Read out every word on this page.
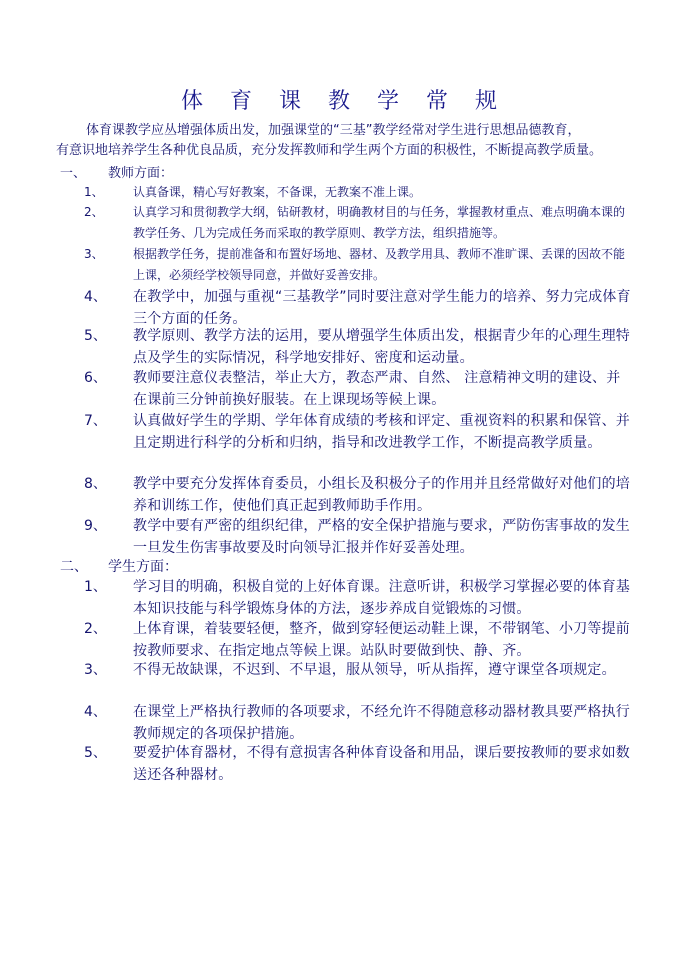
体 育 课 教 学 常 规

体育课教学应丛增强体质出发，加强课堂的“三基”教学经常对学生进行思想品德教育，

有意识地培养学生各种优良品质，充分发挥教师和学生两个方面的积极性，不断提高教学质量。

一、 教师方面：
1、 认真备课，精心写好教案，不备课，无教案不准上课。
2、 认真学习和贯彻教学大纲，钻研教材，明确教材目的与任务，掌握教材重点、难点明确本课的教学任务、几为完成任务而采取的教学原则、教学方法，组织措施等。
3、 根据教学任务，提前准备和布置好场地、器材、及教学用具、教师不准旷课、丢课的因故不能上课，必须经学校领导同意，并做好妥善安排。
4、 在教学中，加强与重视“三基教学”同时要注意对学生能力的培养、努力完成体育三个方面的任务。
5、 教学原则、教学方法的运用，要从增强学生体质出发，根据青少年的心理生理特点及学生的实际情况，科学地安排好、密度和运动量。
6、 教师要注意仪表整洁，举止大方，教态严肃、自然、 注意精神文明的建设、并在课前三分钟前换好服装。在上课现场等候上课。
7、 认真做好学生的学期、学年体育成绩的考核和评定、重视资料的积累和保管、并且定期进行科学的分析和归纳，指导和改进教学工作，不断提高教学质量。
8、 教学中要充分发挥体育委员，小组长及积极分子的作用并且经常做好对他们的培养和训练工作，使他们真正起到教师助手作用。
9、 教学中要有严密的组织纪律，严格的安全保护措施与要求，严防伤害事故的发生一旦发生伤害事故要及时向领导汇报并作好妥善处理。
二、 学生方面：
1、 学习目的明确，积极自觉的上好体育课。注意听讲，积极学习掌握必要的体育基本知识技能与科学锻炼身体的方法，逐步养成自觉锻炼的习惯。
2、 上体育课，着装要轻便，整齐，做到穿轻便运动鞋上课，不带钢笔、小刀等提前按教师要求、在指定地点等候上课。站队时要做到快、静、齐。
3、 不得无故缺课，不迟到、不早退，服从领导，听从指挥，遵守课堂各项规定。
4、 在课堂上严格执行教师的各项要求，不经允许不得随意移动器材教具要严格执行教师规定的各项保护措施。
5、 要爱护体育器材，不得有意损害各种体育设备和用品，课后要按教师的要求如数送还各种器材。
